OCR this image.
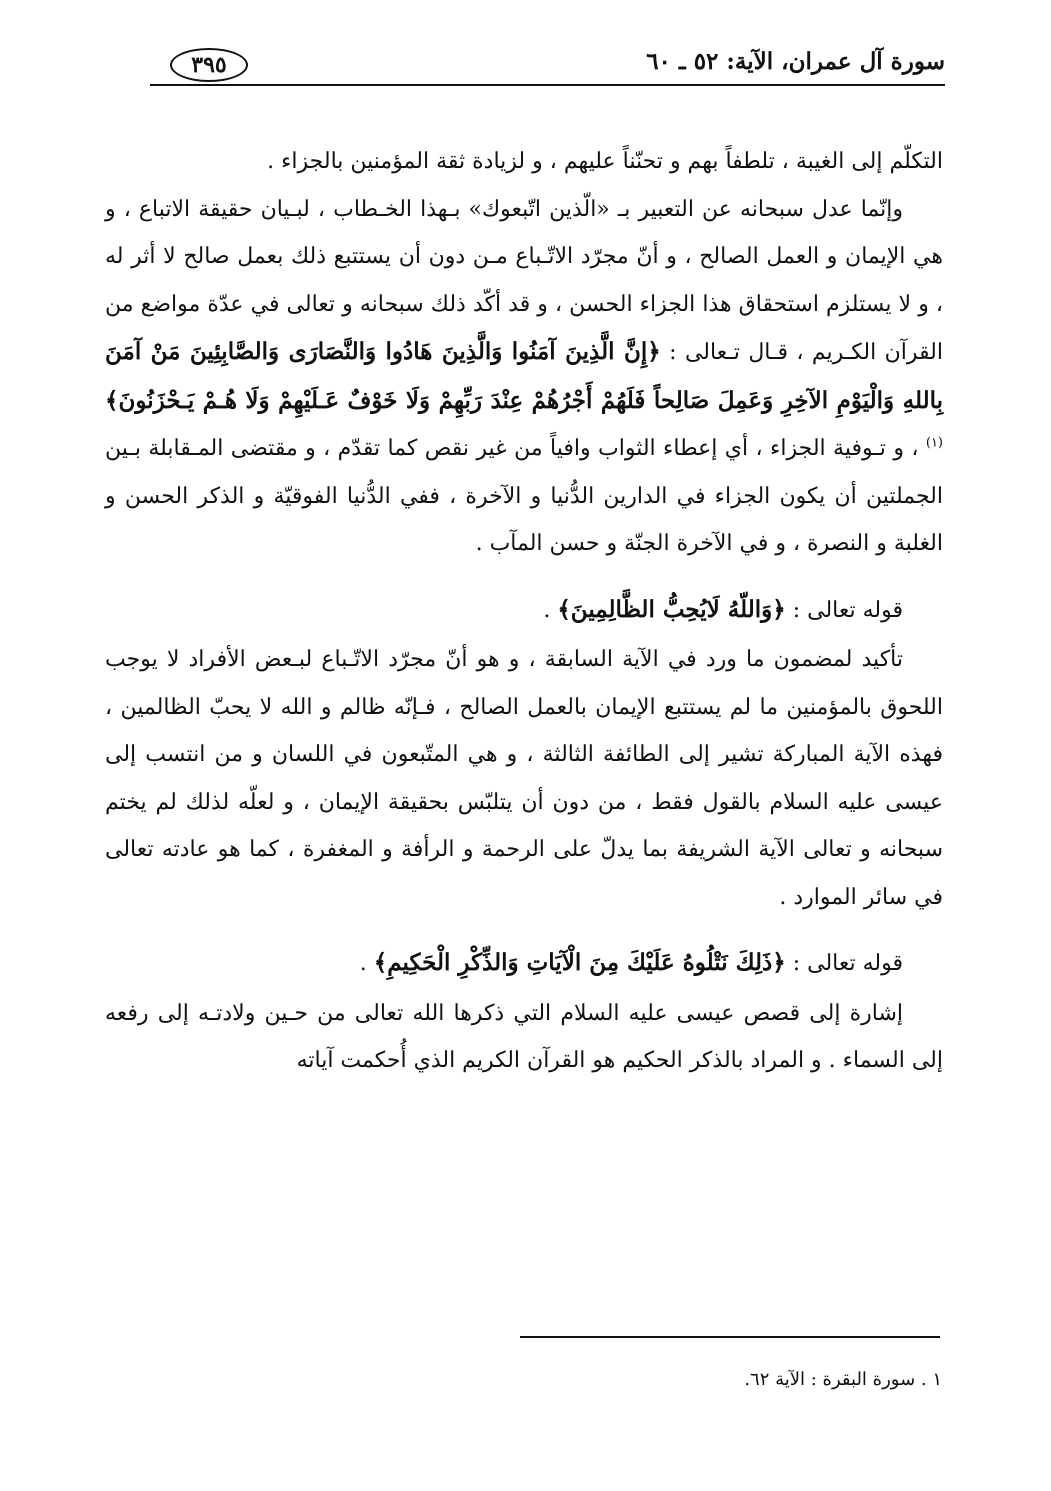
سورة آل عمران، الآية: ٥٢ ـ ٦٠
٣٩٥

التكلّم إلى الغيبة ، تلطفاً بهم و تحنّناً عليهم ، و لزيادة ثقة المؤمنين بالجزاء .

وإنّما عدل سبحانه عن التعبير بـ «الّذين اتّبعوك» بـهذا الخـطاب ، لبـيان حقيقة الاتباع ، و هي الإيمان و العمل الصالح ، و أنّ مجرّد الاتّـباع مـن دون أن يستتبع ذلك بعمل صالح لا أثر له ، و لا يستلزم استحقاق هذا الجزاء الحسن ، و قد أكّد ذلك سبحانه و تعالى في عدّة مواضع من القرآن الكـريم ، قـال تـعالى : ﴿إِنَّ الَّذِينَ آمَنُوا وَالَّذِينَ هَادُوا وَالنَّصَارَى وَالصَّابِئِينَ مَنْ آمَنَ بِاللهِ وَالْيَوْمِ الآخِرِ وَعَمِلَ صَالِحاً فَلَهُمْ أَجْرُهُمْ عِنْدَ رَبِّهِمْ وَلَا خَوْفٌ عَـلَيْهِمْ وَلَا هُـمْ يَـحْزَنُونَ﴾$^{(١)}$ ، و تـوفية الجزاء ، أي إعطاء الثواب وافياً من غير نقص كما تقدّم ، و مقتضى المـقابلة بـين الجملتين أن يكون الجزاء في الدارين الدُّنيا و الآخرة ، ففي الدُّنيا الفوقيّة و الذكر الحسن و الغلبة و النصرة ، و في الآخرة الجنّة و حسن المآب .

قوله تعالى : ﴿وَاللّهُ لَايُحِبُّ الظَّالِمِينَ﴾ .

تأكيد لمضمون ما ورد في الآية السابقة ، و هو أنّ مجرّد الاتّـباع لبـعض الأفراد لا يوجب اللحوق بالمؤمنين ما لم يستتبع الإيمان بالعمل الصالح ، فـإنّه ظالم و الله لا يحبّ الظالمين ، فهذه الآية المباركة تشير إلى الطائفة الثالثة ، و هي المتّبعون في اللسان و من انتسب إلى عيسى عليه السلام بالقول فقط ، من دون أن يتلبّس بحقيقة الإيمان ، و لعلّه لذلك لم يختم سبحانه و تعالى الآية الشريفة بما يدلّ على الرحمة و الرأفة و المغفرة ، كما هو عادته تعالى في سائر الموارد .

قوله تعالى : ﴿ذَلِكَ نَتْلُوهُ عَلَيْكَ مِنَ الْآيَاتِ وَالذِّكْرِ الْحَكِيمِ﴾ .

إشارة إلى قصص عيسى عليه السلام التي ذكرها الله تعالى من حـين ولادتـه إلى رفعه إلى السماء . و المراد بالذكر الحكيم هو القرآن الكريم الذي أُحكمت آياته

١ . سورة البقرة : الآية ٦٢.
